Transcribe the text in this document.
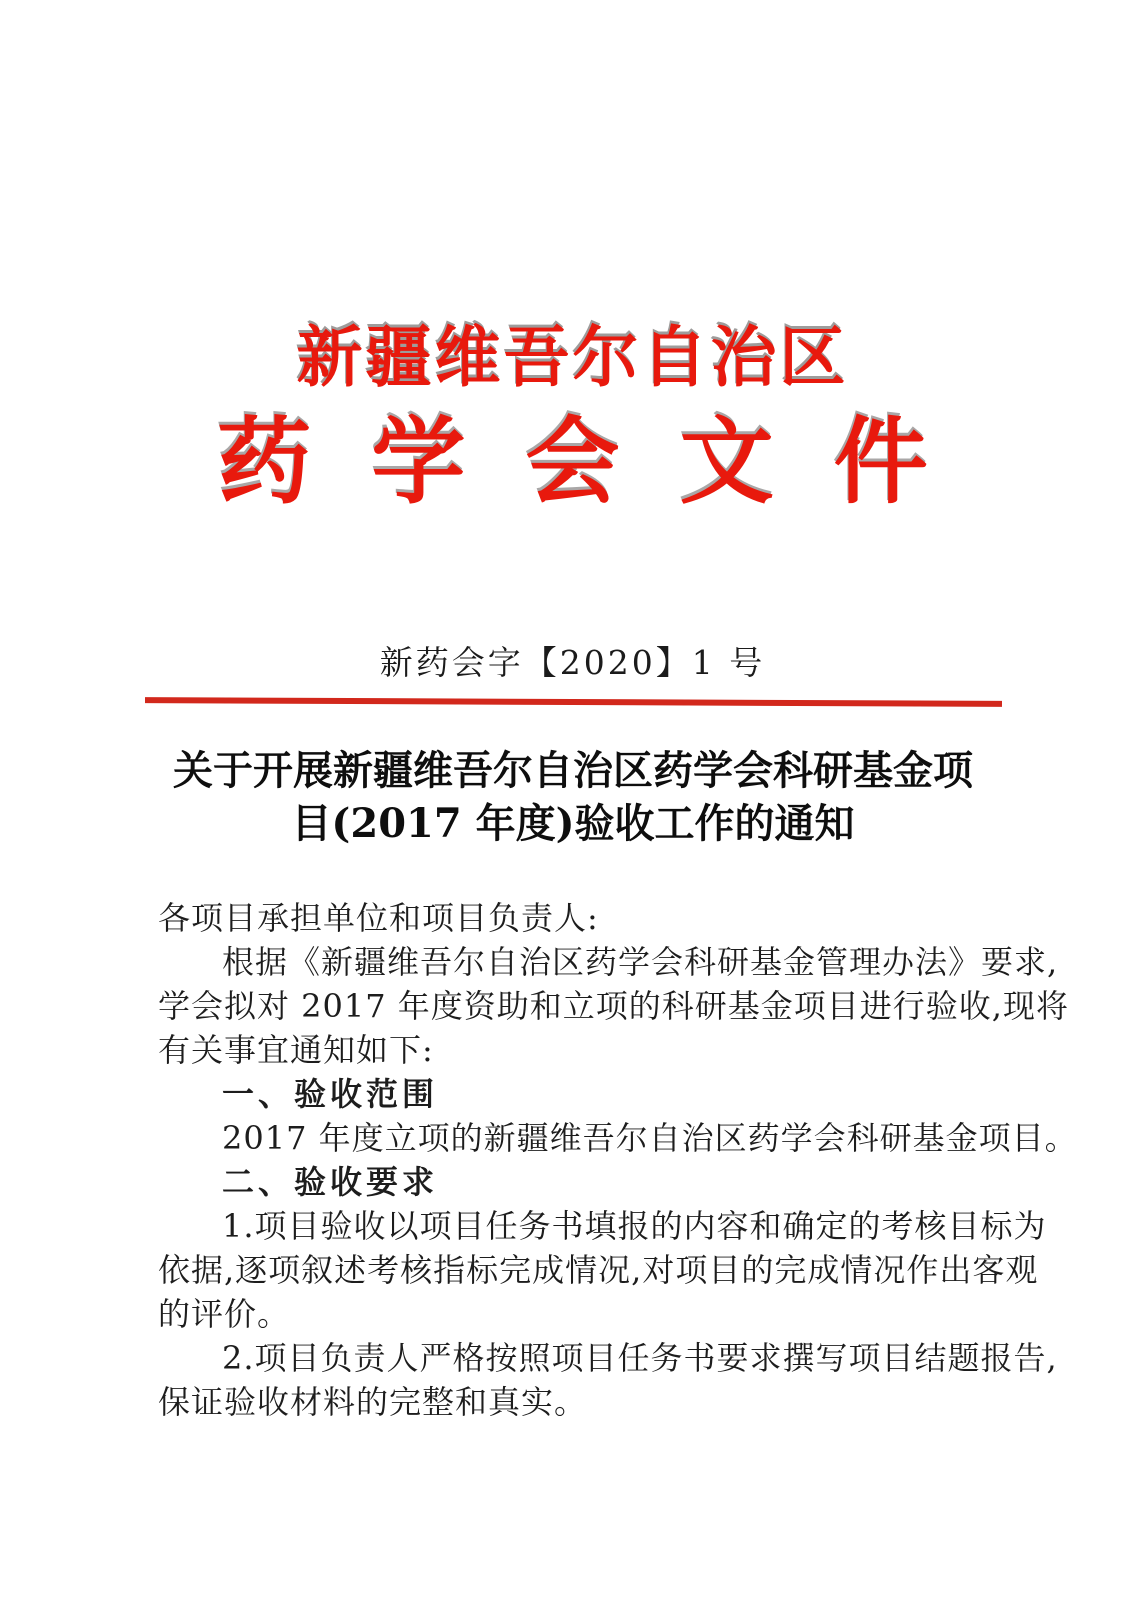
新疆维吾尔自治区
药学会文件
新药会字【2020】1 号
关于开展新疆维吾尔自治区药学会科研基金项
目(2017 年度)验收工作的通知
各项目承担单位和项目负责人:
根据《新疆维吾尔自治区药学会科研基金管理办法》要求,
学会拟对 2017 年度资助和立项的科研基金项目进行验收,现将
有关事宜通知如下:
一、验收范围
2017 年度立项的新疆维吾尔自治区药学会科研基金项目。
二、验收要求
1.项目验收以项目任务书填报的内容和确定的考核目标为
依据,逐项叙述考核指标完成情况,对项目的完成情况作出客观
的评价。
2.项目负责人严格按照项目任务书要求撰写项目结题报告,
保证验收材料的完整和真实。
